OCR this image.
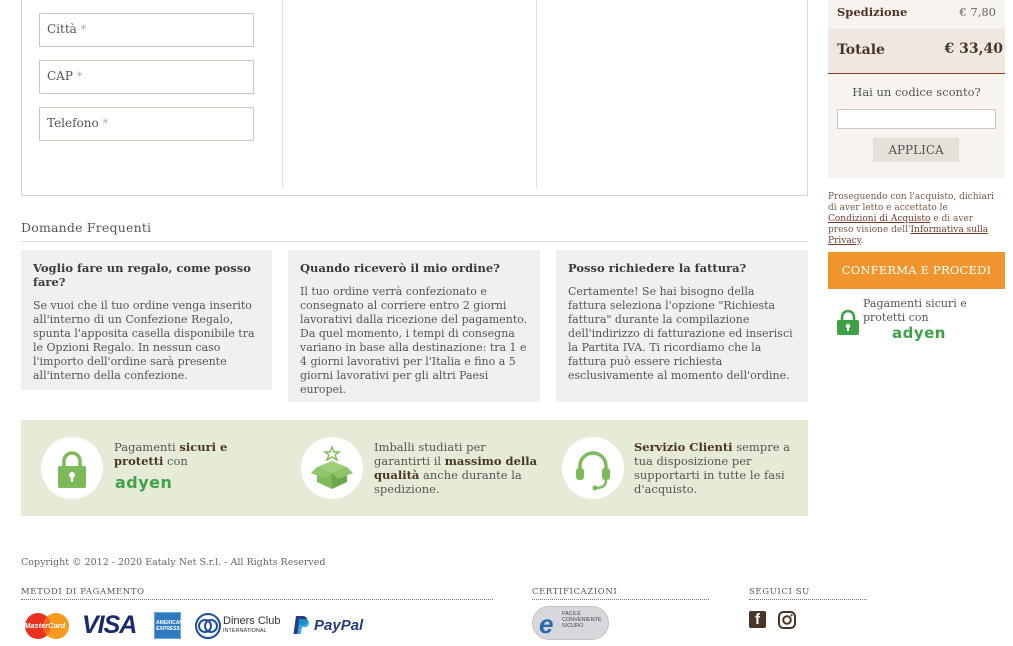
Città *
CAP *
Telefono *
Domande Frequenti
Voglio fare un regalo, come posso fare?
Se vuoi che il tuo ordine venga inserito all'interno di un Confezione Regalo, spunta l'apposita casella disponibile tra le Opzioni Regalo. In nessun caso l'importo dell'ordine sarà presente all'interno della confezione.
Quando riceverò il mio ordine?
Il tuo ordine verrà confezionato e consegnato al corriere entro 2 giorni lavorativi dalla ricezione del pagamento. Da quel momento, i tempi di consegna variano in base alla destinazione: tra 1 e 4 giorni lavorativi per l'Italia e fino a 5 giorni lavorativi per gli altri Paesi europei.
Posso richiedere la fattura?
Certamente! Se hai bisogno della fattura seleziona l'opzione "Richiesta fattura" durante la compilazione dell'indirizzo di fatturazione ed inserisci la Partita IVA. Ti ricordiamo che la fattura può essere richiesta esclusivamente al momento dell'ordine.
Pagamenti sicuri e protetti con
adyen
Imballi studiati per garantirti il massimo della qualità anche durante la spedizione.
Servizio Clienti sempre a tua disposizione per supportarti in tutte le fasi d'acquisto.
Spedizione	€ 7,80
Totale	€ 33,40
Hai un codice sconto?
APPLICA
Proseguendo con l'acquisto, dichiari di aver letto e accettato le Condizioni di Acquisto e di aver preso visione dell'Informativa sulla Privacy.
CONFERMA E PROCEDI
Pagamenti sicuri e protetti con
adyen
Copyright © 2012 - 2020 Eataly Net S.r.l. - All Rights Reserved
METODI DI PAGAMENTO	CERTIFICAZIONI	SEGUICI SU
MasterCard VISA	AMERICAN EXPRESS
Diners Club
INTERNATIONAL	PayPal	e FACILE CONVENIENTE SICURO	f
